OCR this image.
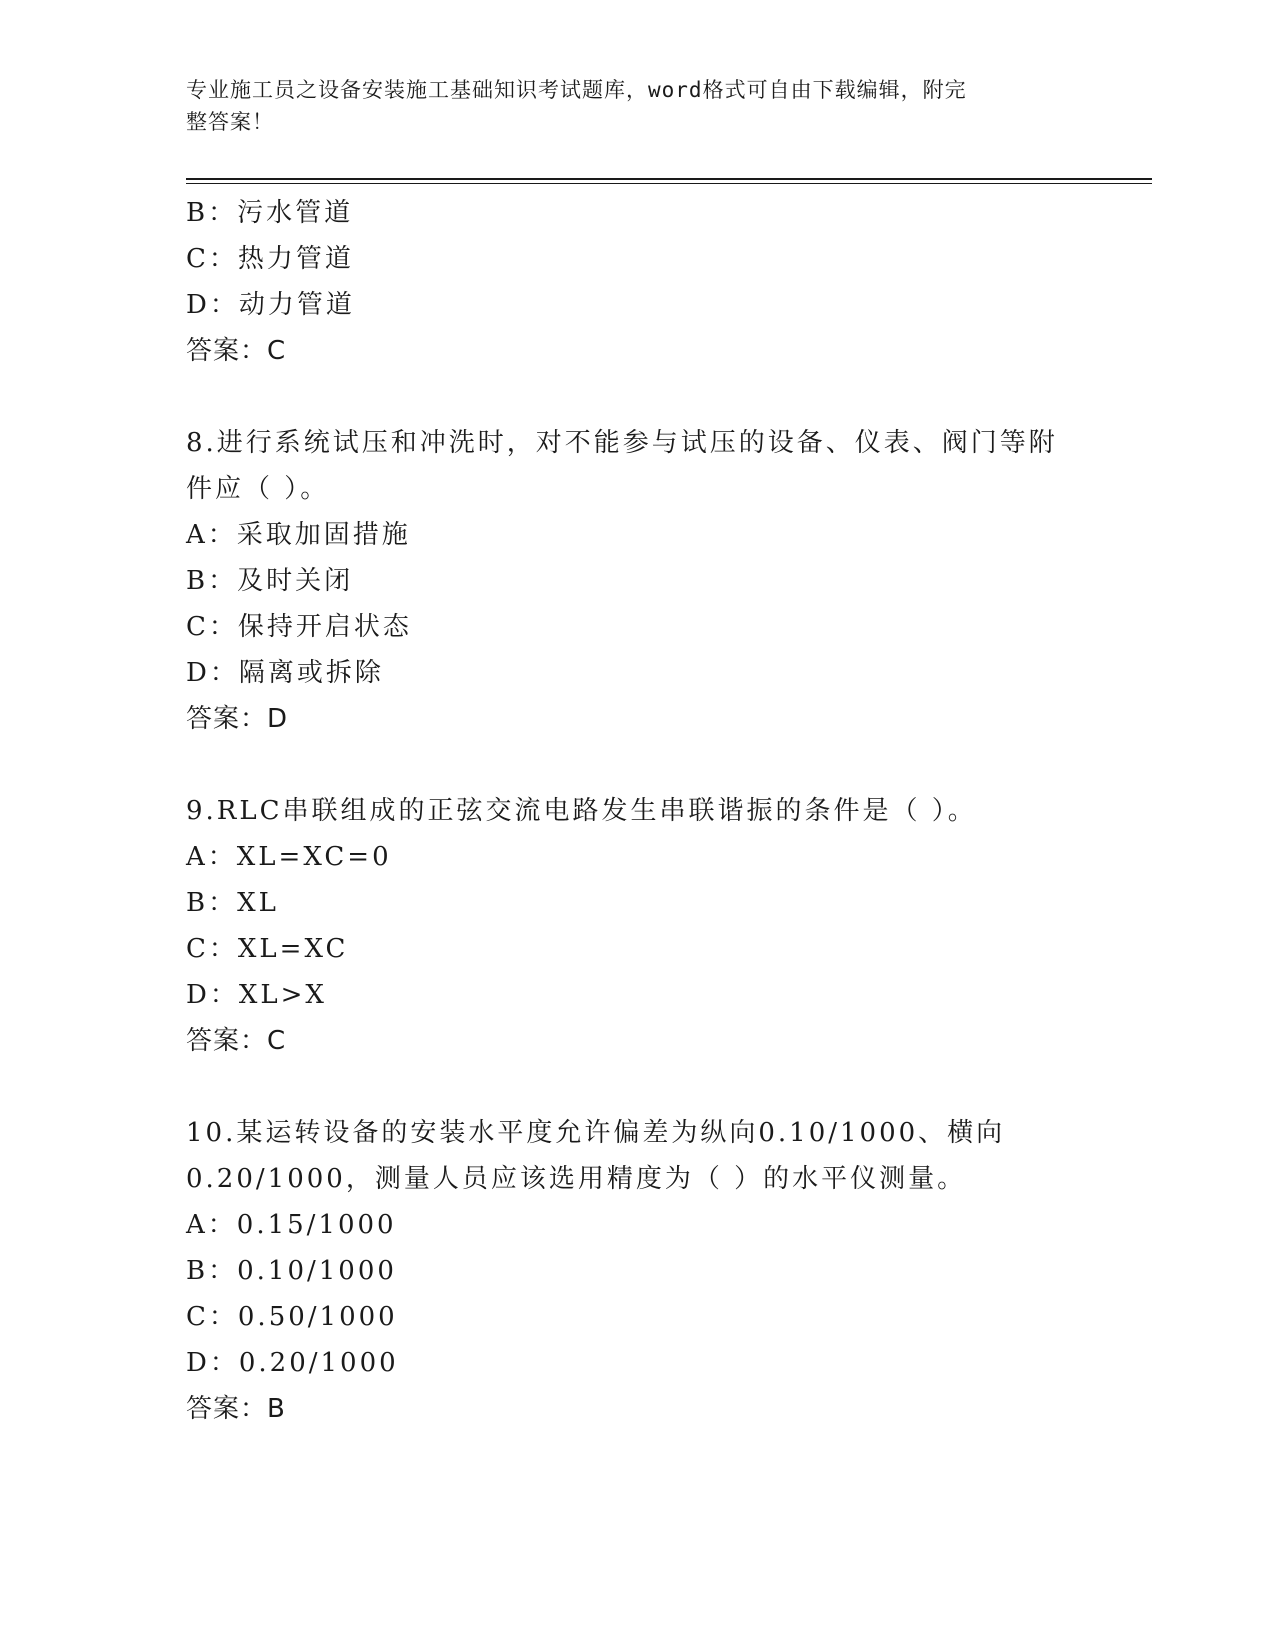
专业施工员之设备安装施工基础知识考试题库，word格式可自由下载编辑，附完
整答案！
B：污水管道
C：热力管道
D：动力管道
答案：C
8.进行系统试压和冲洗时，对不能参与试压的设备、仪表、阀门等附
件应（ ）。
A：采取加固措施
B：及时关闭
C：保持开启状态
D：隔离或拆除
答案：D
9.RLC串联组成的正弦交流电路发生串联谐振的条件是（ ）。
A：XL=XC=0
B：XL
C：XL=XC
D：XL>X
答案：C
10.某运转设备的安装水平度允许偏差为纵向0.10/1000、横向
0.20/1000，测量人员应该选用精度为（ ）的水平仪测量。
A：0.15/1000
B：0.10/1000
C：0.50/1000
D：0.20/1000
答案：B
